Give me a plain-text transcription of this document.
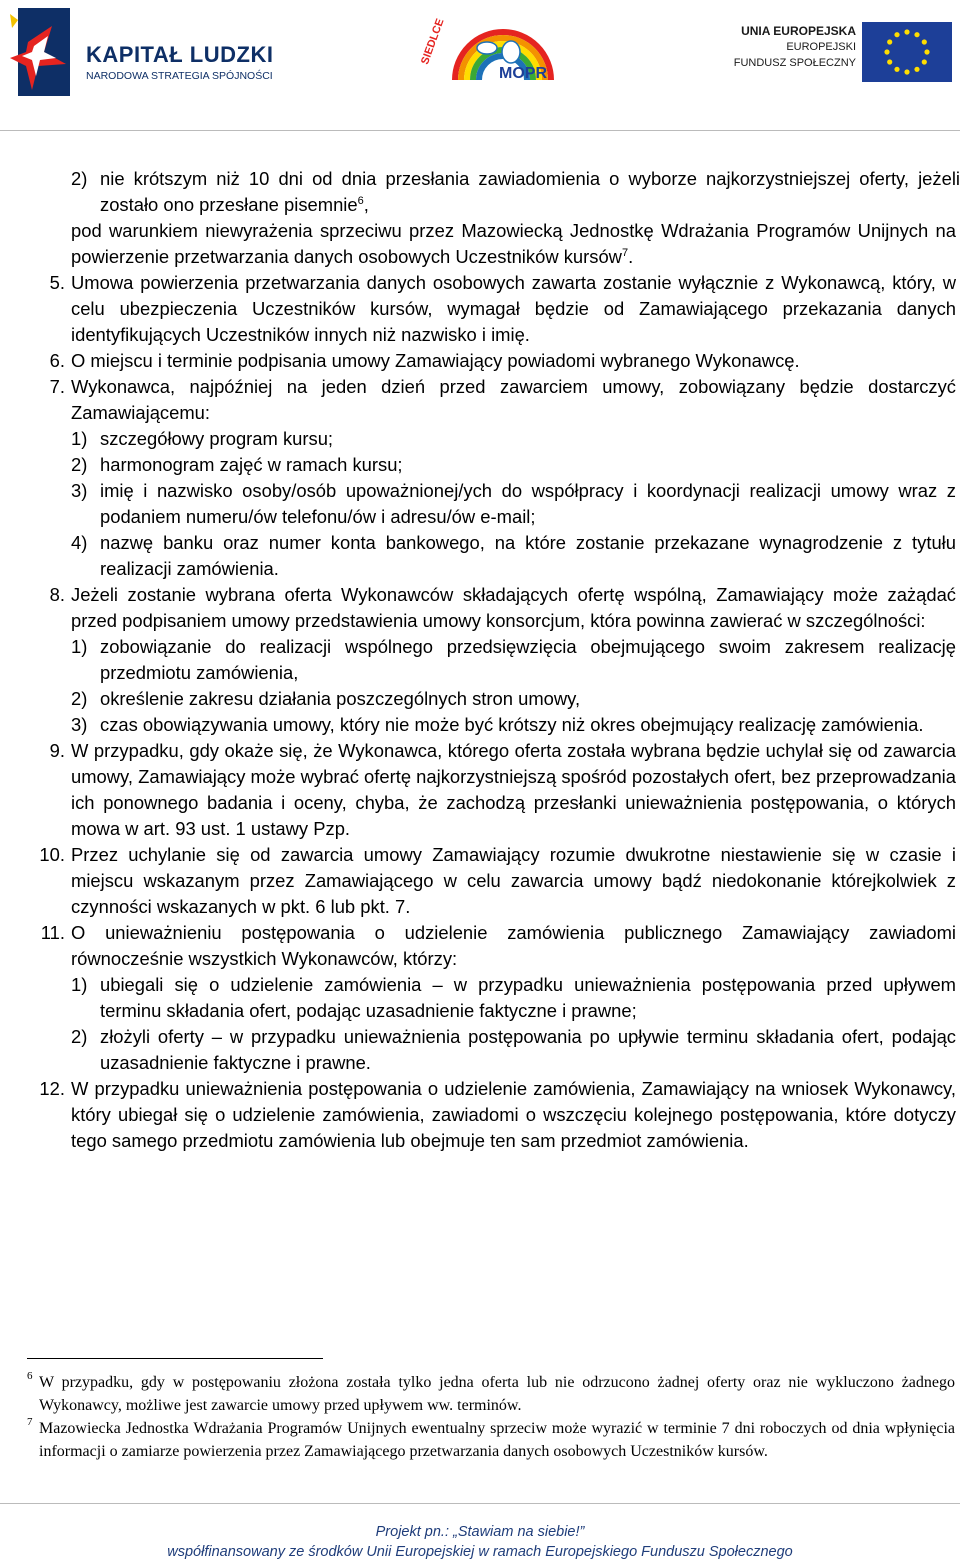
KAPITAŁ LUDZKI
NARODOWA STRATEGIA SPÓJNOŚCI
SIEDLCE
MOPR
UNIA EUROPEJSKA
EUROPEJSKI
FUNDUSZ SPOŁECZNY
2) nie krótszym niż 10 dni od dnia przesłania zawiadomienia o wyborze najkorzystniejszej oferty, jeżeli zostało ono przesłane pisemnie$^6$,
pod warunkiem niewyrażenia sprzeciwu przez Mazowiecką Jednostkę Wdrażania Programów Unijnych na powierzenie przetwarzania danych osobowych Uczestników kursów$^7$.
5. Umowa powierzenia przetwarzania danych osobowych zawarta zostanie wyłącznie z Wykonawcą, który, w celu ubezpieczenia Uczestników kursów, wymagał będzie od Zamawiającego przekazania danych identyfikujących Uczestników innych niż nazwisko i imię.
6. O miejscu i terminie podpisania umowy Zamawiający powiadomi wybranego Wykonawcę.
7. Wykonawca, najpóźniej na jeden dzień przed zawarciem umowy, zobowiązany będzie dostarczyć Zamawiającemu:
1) szczegółowy program kursu;
2) harmonogram zajęć w ramach kursu;
3) imię i nazwisko osoby/osób upoważnionej/ych do współpracy i koordynacji realizacji umowy wraz z podaniem numeru/ów telefonu/ów i adresu/ów e-mail;
4) nazwę banku oraz numer konta bankowego, na które zostanie przekazane wynagrodzenie z tytułu realizacji zamówienia.
8. Jeżeli zostanie wybrana oferta Wykonawców składających ofertę wspólną, Zamawiający może zażądać przed podpisaniem umowy przedstawienia umowy konsorcjum, która powinna zawierać w szczególności:
1) zobowiązanie do realizacji wspólnego przedsięwzięcia obejmującego swoim zakresem realizację przedmiotu zamówienia,
2) określenie zakresu działania poszczególnych stron umowy,
3) czas obowiązywania umowy, który nie może być krótszy niż okres obejmujący realizację zamówienia.
9. W przypadku, gdy okaże się, że Wykonawca, którego oferta została wybrana będzie uchylał się od zawarcia umowy, Zamawiający może wybrać ofertę najkorzystniejszą spośród pozostałych ofert, bez przeprowadzania ich ponownego badania i oceny, chyba, że zachodzą przesłanki unieważnienia postępowania, o których mowa w art. 93 ust. 1 ustawy Pzp.
10. Przez uchylanie się od zawarcia umowy Zamawiający rozumie dwukrotne niestawienie się w czasie i miejscu wskazanym przez Zamawiającego w celu zawarcia umowy bądź niedokonanie którejkolwiek z czynności wskazanych w pkt. 6 lub pkt. 7.
11. O unieważnieniu postępowania o udzielenie zamówienia publicznego Zamawiający zawiadomi równocześnie wszystkich Wykonawców, którzy:
1) ubiegali się o udzielenie zamówienia – w przypadku unieważnienia postępowania przed upływem terminu składania ofert, podając uzasadnienie faktyczne i prawne;
2) złożyli oferty – w przypadku unieważnienia postępowania po upływie terminu składania ofert, podając uzasadnienie faktyczne i prawne.
12. W przypadku unieważnienia postępowania o udzielenie zamówienia, Zamawiający na wniosek Wykonawcy, który ubiegał się o udzielenie zamówienia, zawiadomi o wszczęciu kolejnego postępowania, które dotyczy tego samego przedmiotu zamówienia lub obejmuje ten sam przedmiot zamówienia.
6 W przypadku, gdy w postępowaniu złożona została tylko jedna oferta lub nie odrzucono żadnej oferty oraz nie wykluczono żadnego Wykonawcy, możliwe jest zawarcie umowy przed upływem ww. terminów.
7 Mazowiecka Jednostka Wdrażania Programów Unijnych ewentualny sprzeciw może wyrazić w terminie 7 dni roboczych od dnia wpłynięcia informacji o zamiarze powierzenia przez Zamawiającego przetwarzania danych osobowych Uczestników kursów.
Projekt pn.: „Stawiam na siebie!”
współfinansowany ze środków Unii Europejskiej w ramach Europejskiego Funduszu Społecznego
